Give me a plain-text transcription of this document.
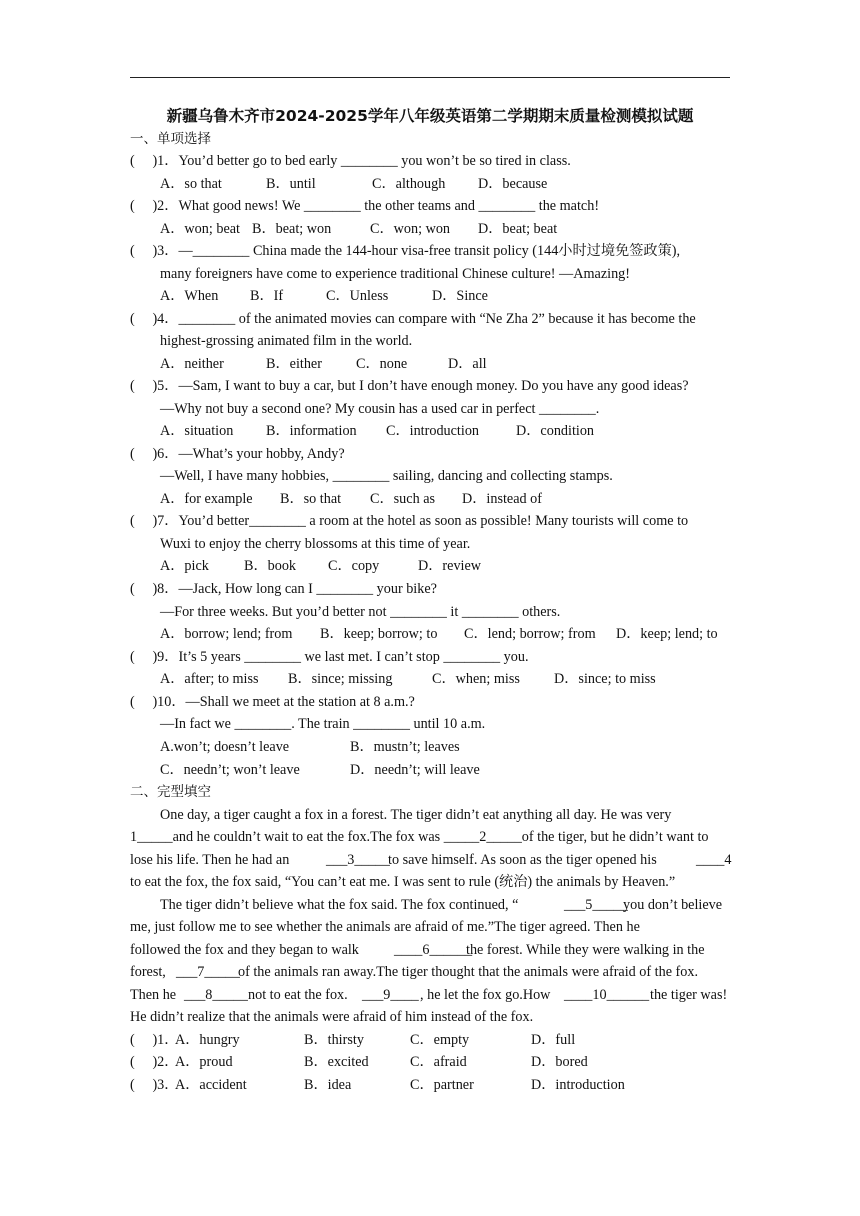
新疆乌鲁木齐市2024-2025学年八年级英语第二学期期末质量检测模拟试题
一、单项选择
(　 )1．You’d better go to bed early ________ you won’t be so tired in class.
A．so that	B．until	C．although D．because
(　 )2．What good news! We ________ the other teams and ________ the match!
A．won; beat B．beat; won	C．won; won D．beat; beat
(　 )3．—________ China made the 144-hour visa-free transit policy (144小时过境免签政策),
many foreigners have come to experience traditional Chinese culture! —Amazing!
A．When B．If	C．Unless	D．Since
(　 )4．________ of the animated movies can compare with “Ne Zha 2” because it has become the
highest-grossing animated film in the world.
A．neither	B．either C．none	D．all
(　 )5．—Sam, I want to buy a car, but I don’t have enough money. Do you have any good ideas?
—Why not buy a second one? My cousin has a used car in perfect ________.
A．situation B．information C．introduction	D．condition
(　 )6．—What’s your hobby, Andy?
—Well, I have many hobbies, ________ sailing, dancing and collecting stamps.
A．for example B．so that C．such as D．instead of
(　 )7．You’d better________ a room at the hotel as soon as possible! Many tourists will come to
Wuxi to enjoy the cherry blossoms at this time of year.
A．pick B．book C．copy	D．review
(　 )8．—Jack, How long can I ________ your bike?
—For three weeks. But you’d better not ________ it ________ others.
A．borrow; lend; from B．keep; borrow; to C．lend; borrow; from D．keep; lend; to
(　 )9．It’s 5 years ________ we last met. I can’t stop ________ you.
A．after; to miss B．since; missing	C．when; miss D．since; to miss
(　 )10．—Shall we meet at the station at 8 a.m.?
—In fact we ________. The train ________ until 10 a.m.
A.won’t; doesn’t leave	B．mustn’t; leaves
C．needn’t; won’t leave	D．needn’t; will leave
二、完型填空
One day, a tiger caught a fox in a forest. The tiger didn’t eat anything all day. He was very
1_____and he couldn’t wait to eat the fox.The fox was _____2_____of the tiger, but he didn’t want to
lose his life. Then he had an	___3_____
to save himself. As soon as the tiger opened his	____4
to eat the fox, the fox said, “You can’t eat me. I was sent to rule (统治) the animals by Heaven.”
The tiger didn’t believe what the fox said. The fox continued, “	___5_____
you don’t believe
me, just follow me to see whether the animals are afraid of me.”The tiger agreed. Then he
followed the fox and they began to walk ____6______
the forest. While they were walking in the
forest, ___7_____
of the animals ran away.The tiger thought that the animals were afraid of the fox.
Then he ___8_____ not to eat the fox. ___9____ , he let the fox go.How ____10______ the tiger was!
He didn’t realize that the animals were afraid of him instead of the fox.
(　 )1．
A．hungry	B．thirsty	C．empty	D．full
(　 )2．
A．proud	B．excited	C．afraid	D．bored
(　 )3．
A．accident	B．idea	C．partner	D．introduction
